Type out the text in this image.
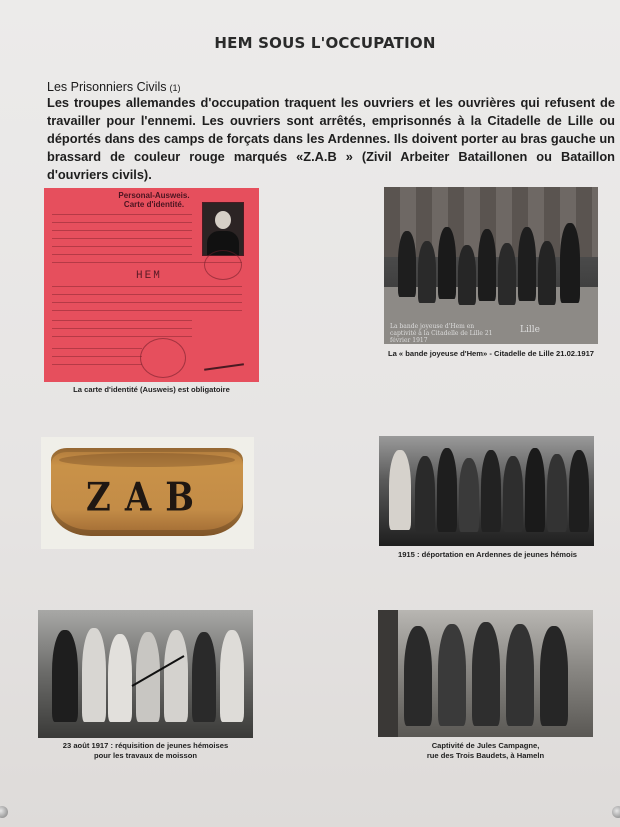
HEM SOUS L'OCCUPATION
Les Prisonniers Civils (1)
Les troupes allemandes d'occupation traquent les ouvriers et les ouvrières qui refusent de travailler pour l'ennemi. Les ouvriers sont arrêtés, emprisonnés à la Citadelle de Lille ou déportés dans des camps de forçats dans les Ardennes. Ils doivent porter au bras gauche un brassard de couleur rouge marqués «Z.A.B » (Zivil Arbeiter Bataillonen ou Bataillon d'ouvriers civils).
Personal-Ausweis.
Carte d'identité.
HEM
La carte d'identité (Ausweis) est obligatoire
ZAB
La bande joyeuse d'Hem en captivité à la Citadelle de Lille 21 février 1917
Lille
La « bande joyeuse d'Hem» - Citadelle de Lille 21.02.1917
1915 : déportation en Ardennes de jeunes hémois
23 août 1917 : réquisition de jeunes hémoises
pour les travaux de moisson
Captivité de Jules Campagne,
rue des Trois Baudets, à Hameln
